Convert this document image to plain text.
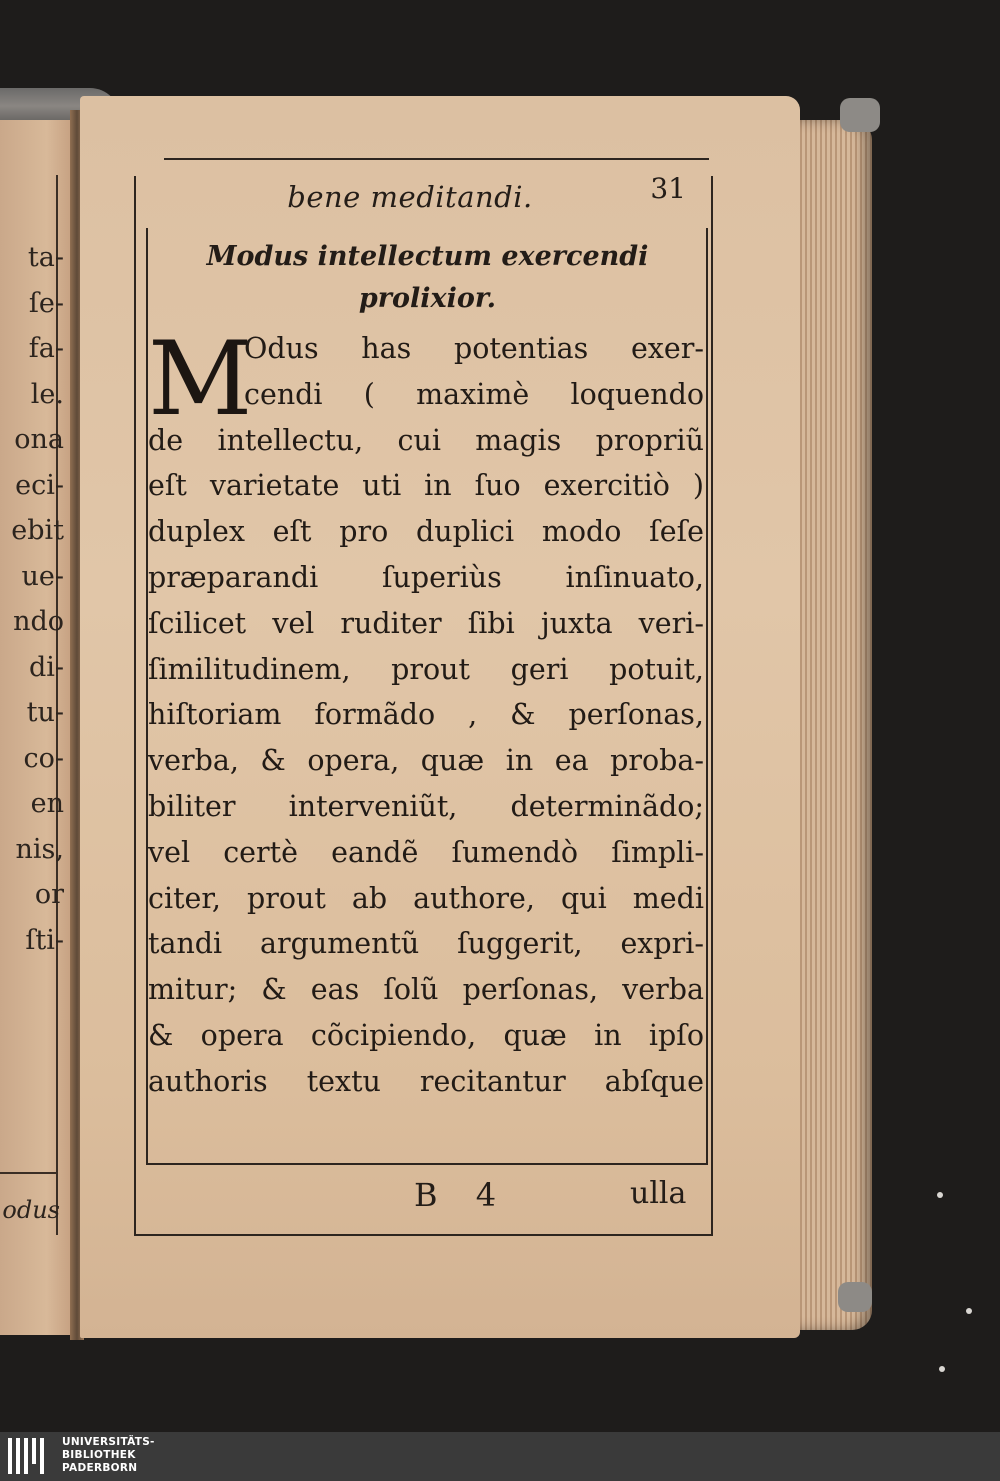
ta-
ſe-
fa-
le.
ona
eci-
ebit
ue-
ndo
di-
tu-
co-
en
nis,
or
ſti-
odus
bene meditandi.	31
Modus intellectum exercendi
prolixior.
M
Odus has potentias exer-
cendi ( maximè loquendo
de intellectu, cui magis propriũ
eſt varietate uti in ſuo exercitiò )
duplex eſt pro duplici modo ſeſe
præparandi ſuperiùs inſinuato,
ſcilicet vel ruditer ſibi juxta veri-
ſimilitudinem, prout geri potuit,
hiſtoriam formãdo , & perſonas,
verba, & opera, quæ in ea proba-
biliter interveniũt, determinãdo;
vel certè eandẽ ſumendò ſimpli-
citer, prout ab authore, qui medi
tandi argumentũ ſuggerit, expri-
mitur; & eas ſolũ perſonas, verba
& opera cõcipiendo, quæ in ipſo
authoris textu recitantur abſque
B 4	ulla
UNIVERSITÄTS-
BIBLIOTHEK
PADERBORN
